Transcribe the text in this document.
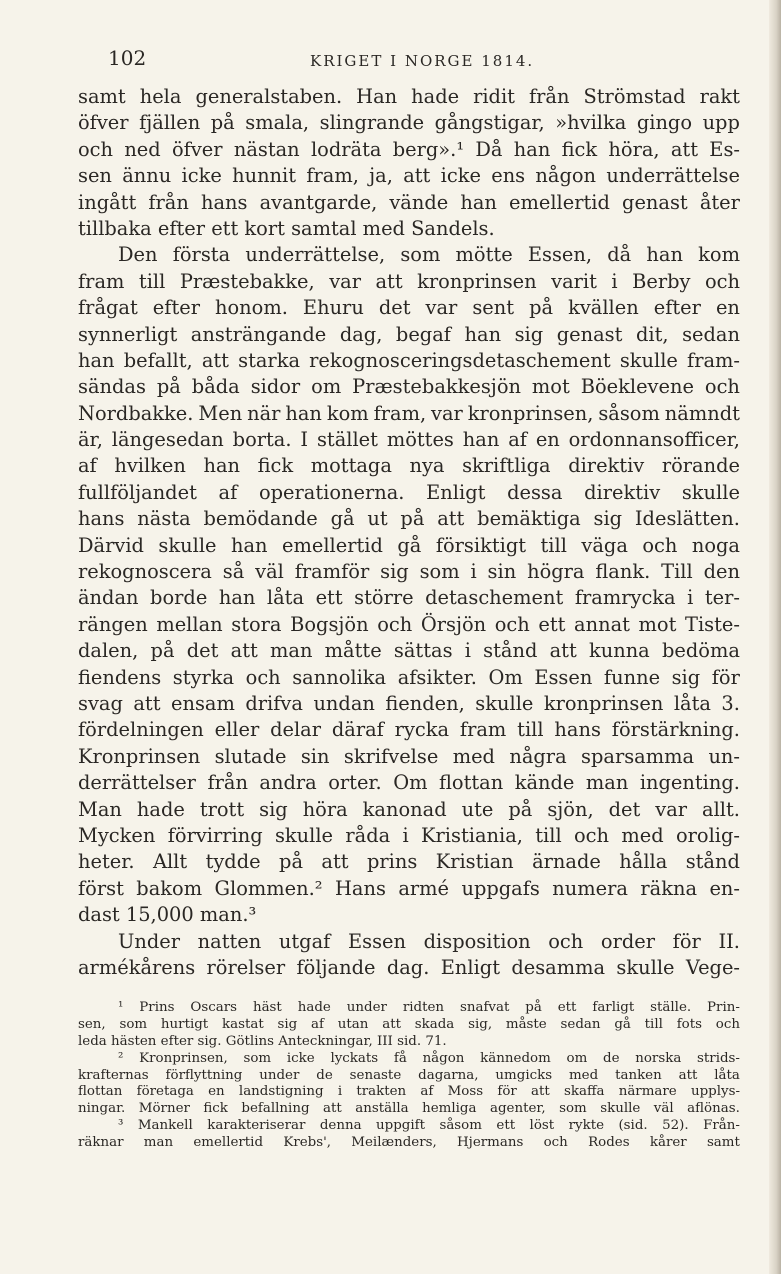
102	KRIGET I NORGE 1814.
samt hela generalstaben. Han hade ridit från Strömstad rakt
öfver fjällen på smala, slingrande gångstigar, »hvilka gingo upp
och ned öfver nästan lodräta berg».¹ Då han fick höra, att Es-
sen ännu icke hunnit fram, ja, att icke ens någon underrättelse
ingått från hans avantgarde, vände han emellertid genast åter
tillbaka efter ett kort samtal med Sandels.
Den första underrättelse, som mötte Essen, då han kom
fram till Præstebakke, var att kronprinsen varit i Berby och
frågat efter honom. Ehuru det var sent på kvällen efter en
synnerligt ansträngande dag, begaf han sig genast dit, sedan
han befallt, att starka rekognosceringsdetaschement skulle fram-
sändas på båda sidor om Præstebakkesjön mot Böeklevene och
Nordbakke. Men när han kom fram, var kronprinsen, såsom nämndt
är, längesedan borta. I stället möttes han af en ordonnansofficer,
af hvilken han fick mottaga nya skriftliga direktiv rörande
fullföljandet af operationerna. Enligt dessa direktiv skulle
hans nästa bemödande gå ut på att bemäktiga sig Ideslätten.
Därvid skulle han emellertid gå försiktigt till väga och noga
rekognoscera så väl framför sig som i sin högra flank. Till den
ändan borde han låta ett större detaschement framrycka i ter-
rängen mellan stora Bogsjön och Örsjön och ett annat mot Tiste-
dalen, på det att man måtte sättas i stånd att kunna bedöma
fiendens styrka och sannolika afsikter. Om Essen funne sig för
svag att ensam drifva undan fienden, skulle kronprinsen låta 3.
fördelningen eller delar däraf rycka fram till hans förstärkning.
Kronprinsen slutade sin skrifvelse med några sparsamma un-
derrättelser från andra orter. Om flottan kände man ingenting.
Man hade trott sig höra kanonad ute på sjön, det var allt.
Mycken förvirring skulle råda i Kristiania, till och med orolig-
heter. Allt tydde på att prins Kristian ärnade hålla stånd
först bakom Glommen.² Hans armé uppgafs numera räkna en-
dast 15,000 man.³
Under natten utgaf Essen disposition och order för II.
armékårens rörelser följande dag. Enligt desamma skulle Vege-
¹ Prins Oscars häst hade under ridten snafvat på ett farligt ställe. Prin-
sen, som hurtigt kastat sig af utan att skada sig, måste sedan gå till fots och
leda hästen efter sig. Götlins Anteckningar, III sid. 71.
² Kronprinsen, som icke lyckats få någon kännedom om de norska strids-
krafternas förflyttning under de senaste dagarna, umgicks med tanken att låta
flottan företaga en landstigning i trakten af Moss för att skaffa närmare upplys-
ningar. Mörner fick befallning att anställa hemliga agenter, som skulle väl aflönas.
³ Mankell karakteriserar denna uppgift såsom ett löst rykte (sid. 52). Från-
räknar man emellertid Krebs', Meilænders, Hjermans och Rodes kårer samt
